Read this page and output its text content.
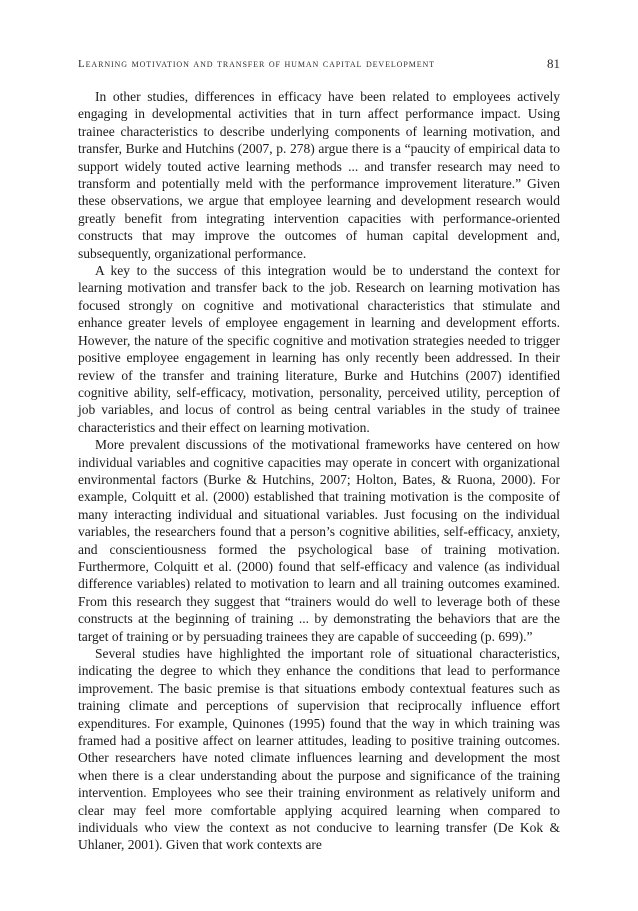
Learning motivation and transfer of human capital development	81

In other studies, differences in efficacy have been related to employees actively engaging in developmental activities that in turn affect performance impact. Using trainee characteristics to describe underlying components of learning motivation, and transfer, Burke and Hutchins (2007, p. 278) argue there is a “paucity of empirical data to support widely touted active learning methods ... and transfer research may need to transform and potentially meld with the performance improvement literature.” Given these observations, we argue that employee learning and development research would greatly benefit from integrating intervention capacities with performance-oriented constructs that may improve the outcomes of human capital development and, subsequently, organizational performance.

A key to the success of this integration would be to understand the context for learning motivation and transfer back to the job. Research on learning motivation has focused strongly on cognitive and motivational characteristics that stimulate and enhance greater levels of employee engagement in learning and development efforts. However, the nature of the specific cognitive and motivation strategies needed to trigger positive employee engagement in learning has only recently been addressed. In their review of the transfer and training literature, Burke and Hutchins (2007) identified cognitive ability, self-efficacy, motivation, personality, perceived utility, perception of job variables, and locus of control as being central variables in the study of trainee characteristics and their effect on learning motivation.

More prevalent discussions of the motivational frameworks have centered on how individual variables and cognitive capacities may operate in concert with organizational environmental factors (Burke & Hutchins, 2007; Holton, Bates, & Ruona, 2000). For example, Colquitt et al. (2000) established that training motivation is the composite of many interacting individual and situational variables. Just focusing on the individual variables, the researchers found that a person’s cognitive abilities, self-efficacy, anxiety, and conscientiousness formed the psychological base of training motivation. Furthermore, Colquitt et al. (2000) found that self-efficacy and valence (as individual difference variables) related to motivation to learn and all training outcomes examined. From this research they suggest that “trainers would do well to leverage both of these constructs at the beginning of training ... by demonstrating the behaviors that are the target of training or by persuading trainees they are capable of succeeding (p. 699).”

Several studies have highlighted the important role of situational characteristics, indicating the degree to which they enhance the conditions that lead to performance improvement. The basic premise is that situations embody contextual features such as training climate and perceptions of supervision that reciprocally influence effort expenditures. For example, Quinones (1995) found that the way in which training was framed had a positive affect on learner attitudes, leading to positive training outcomes. Other researchers have noted climate influences learning and development the most when there is a clear understanding about the purpose and significance of the training intervention. Employees who see their training environment as relatively uniform and clear may feel more comfortable applying acquired learning when compared to individuals who view the context as not conducive to learning transfer (De Kok & Uhlaner, 2001). Given that work contexts are
